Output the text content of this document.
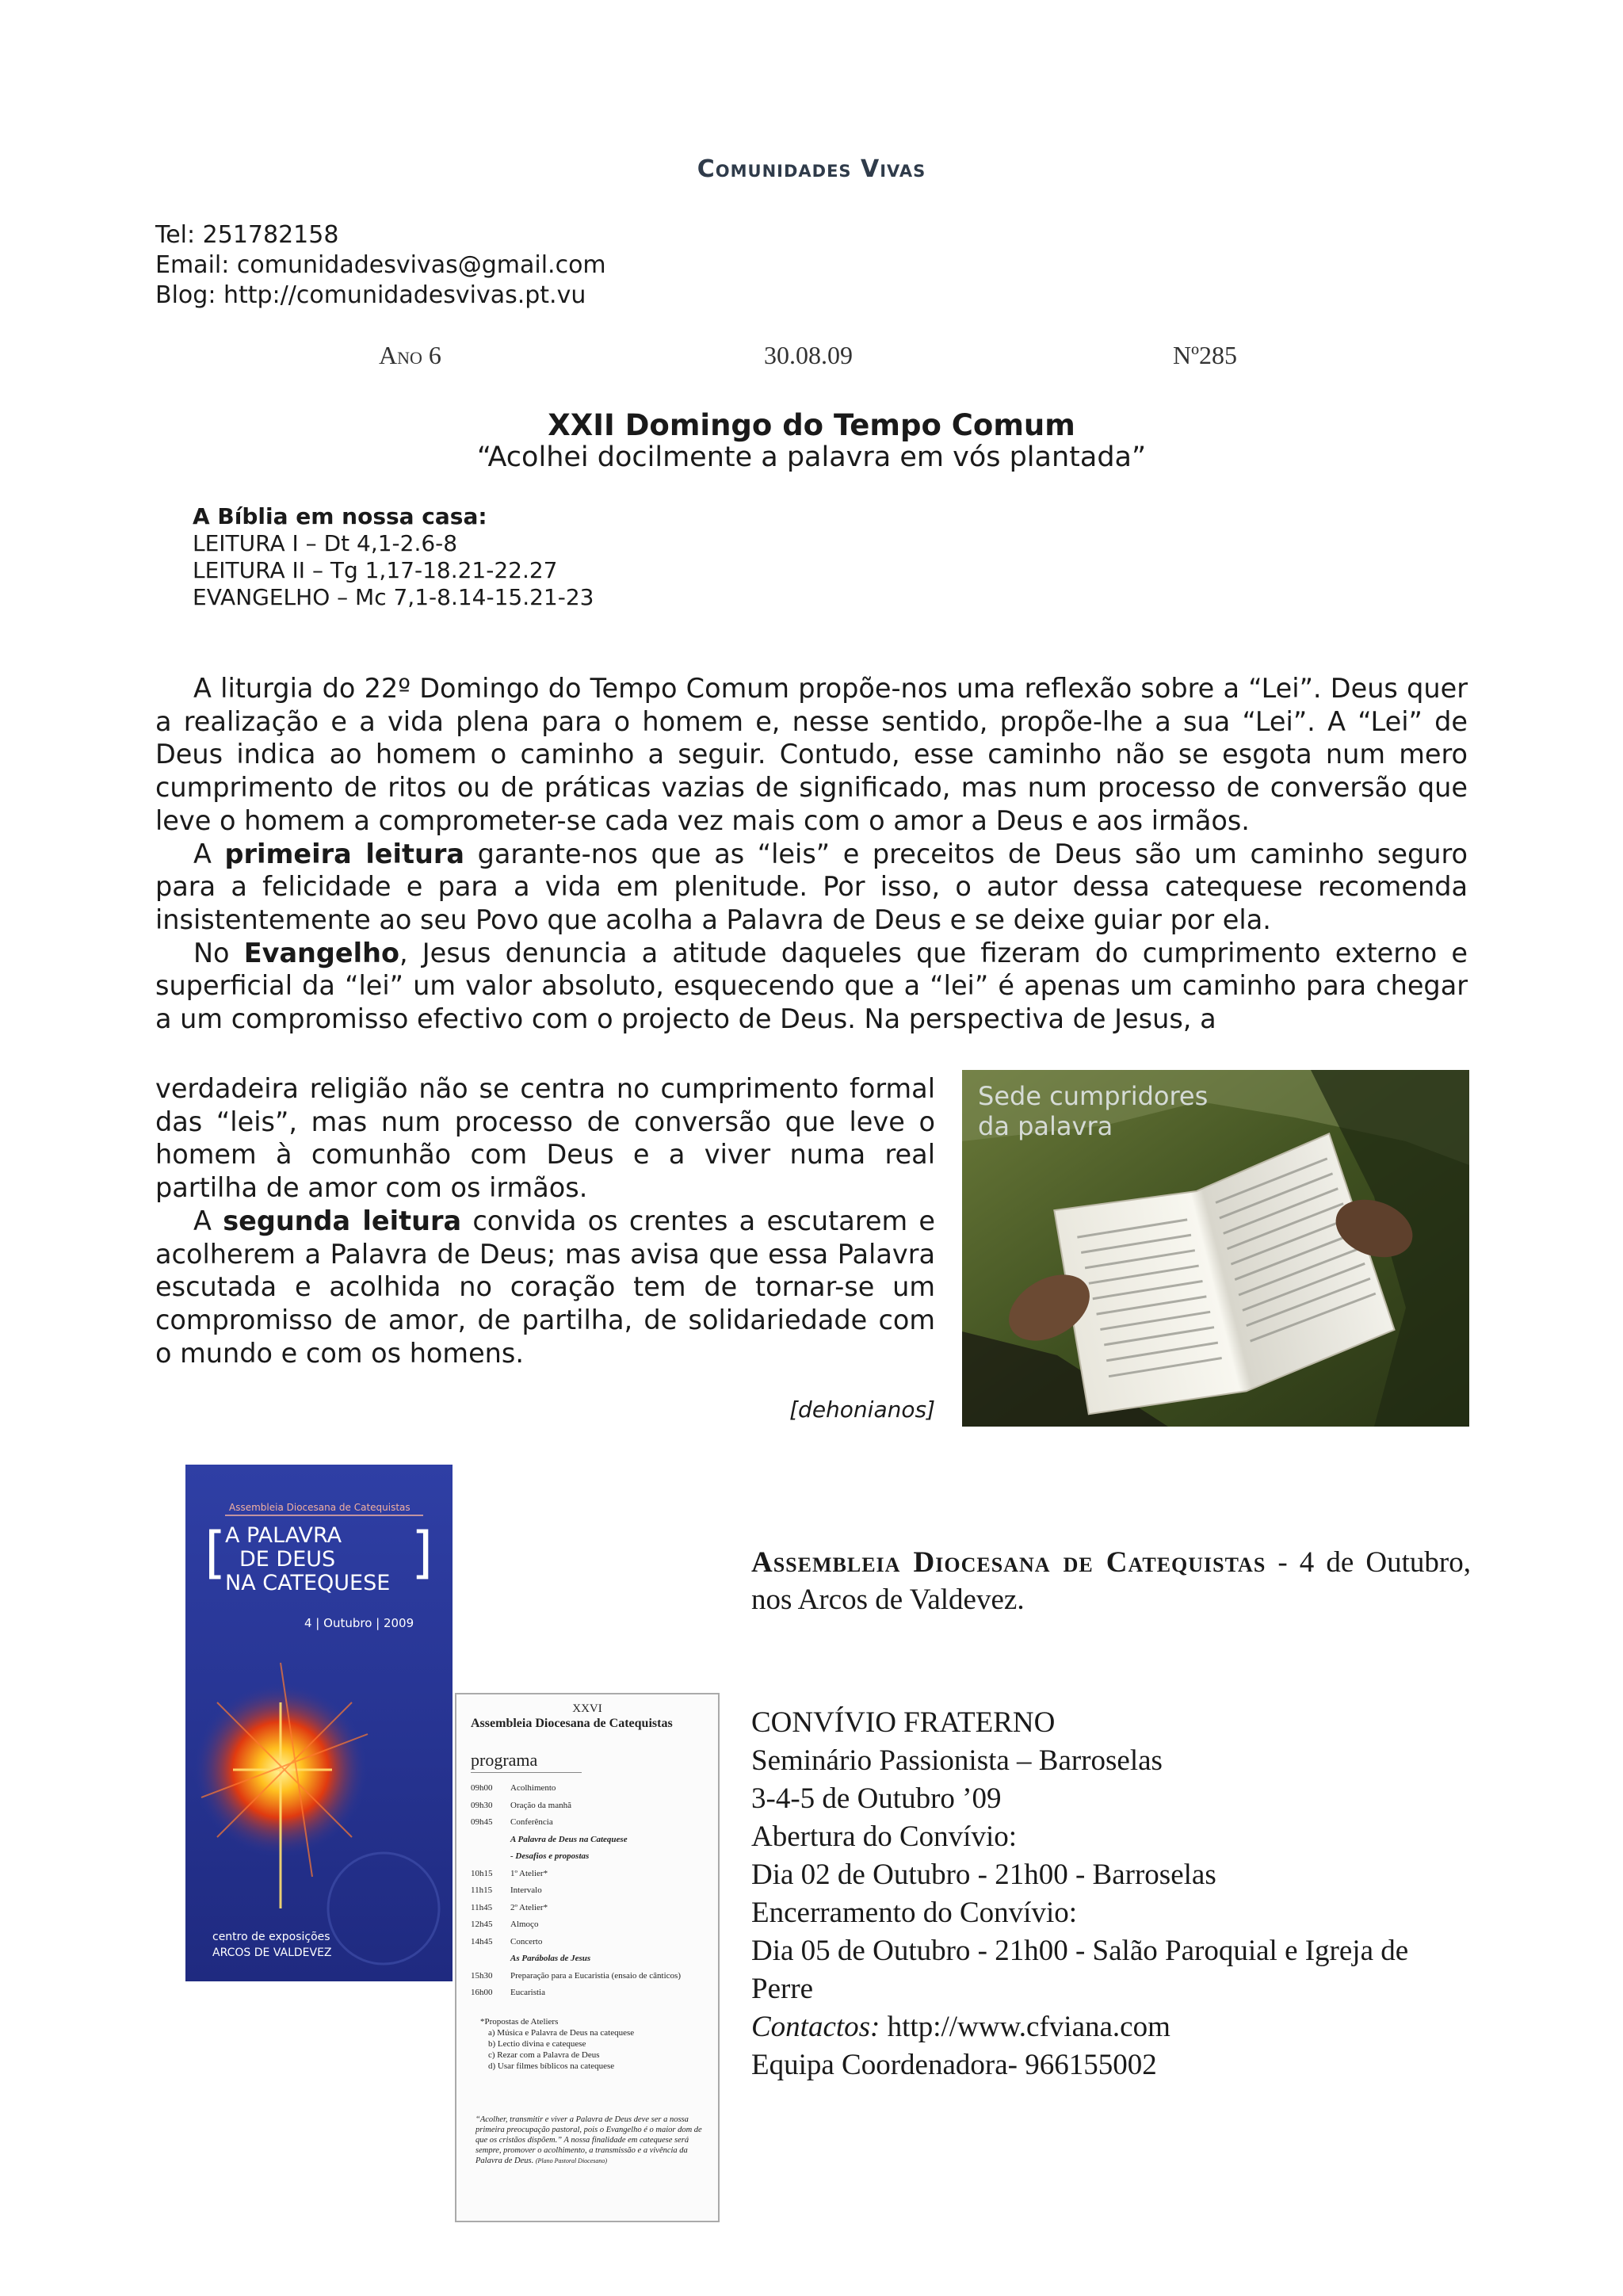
Comunidades Vivas
Tel: 251782158
Email: comunidadesvivas@gmail.com
Blog: http://comunidadesvivas.pt.vu
Ano 6	30.08.09	Nº285
XXII Domingo do Tempo Comum
“Acolhei docilmente a palavra em vós plantada”
A Bíblia em nossa casa:
LEITURA I – Dt 4,1-2.6-8
LEITURA II – Tg 1,17-18.21-22.27
EVANGELHO – Mc 7,1-8.14-15.21-23
A liturgia do 22º Domingo do Tempo Comum propõe-nos uma reflexão sobre a “Lei”. Deus quer a realização e a vida plena para o homem e, nesse sentido, propõe-lhe a sua “Lei”. A “Lei” de Deus indica ao homem o caminho a seguir. Contudo, esse caminho não se esgota num mero cumprimento de ritos ou de práticas vazias de significado, mas num processo de conversão que leve o homem a comprometer-se cada vez mais com o amor a Deus e aos irmãos.
A primeira leitura garante-nos que as “leis” e preceitos de Deus são um caminho seguro para a felicidade e para a vida em plenitude. Por isso, o autor dessa catequese recomenda insistentemente ao seu Povo que acolha a Palavra de Deus e se deixe guiar por ela.
No Evangelho, Jesus denuncia a atitude daqueles que fizeram do cumprimento externo e superficial da “lei” um valor absoluto, esquecendo que a “lei” é apenas um caminho para chegar a um compromisso efectivo com o projecto de Deus. Na perspectiva de Jesus, a
Sede cumpridores
da palavra
verdadeira religião não se centra no cumprimento formal das “leis”, mas num processo de conversão que leve o homem à comunhão com Deus e a viver numa real partilha de amor com os irmãos.
A segunda leitura convida os crentes a escutarem e acolherem a Palavra de Deus; mas avisa que essa Palavra escutada e acolhida no coração tem de tornar-se um compromisso de amor, de partilha, de solidariedade com o mundo e com os homens.
[dehonianos]
Assembleia Diocesana de Catequistas
[	]
A PALAVRA
DE DEUS
NA CATEQUESE
4 | Outubro | 2009
centro de exposições
ARCOS DE VALDEVEZ
XXVI
Assembleia Diocesana de Catequistas
programa
09h00	Acolhimento
09h30	Oração da manhã
09h45	Conferência
A Palavra de Deus na Catequese
- Desafios e propostas
10h15	1º Atelier*
11h15	Intervalo
11h45	2º Atelier*
12h45	Almoço
14h45	Concerto
As Parábolas de Jesus
15h30	Preparação para a Eucaristia (ensaio de cânticos)
16h00	Eucaristia
*Propostas de Ateliers
a) Música e Palavra de Deus na catequese
b) Lectio divina e catequese
c) Rezar com a Palavra de Deus
d) Usar filmes bíblicos na catequese
“Acolher, transmitir e viver a Palavra de Deus deve ser a nossa primeira preocupação pastoral, pois o Evangelho é o maior dom de que os cristãos dispõem.” A nossa finalidade em catequese será sempre, promover o acolhimento, a transmissão e a vivência da Palavra de Deus. (Plano Pastoral Diocesano)
Assembleia Diocesana de Catequistas - 4 de Outubro, nos Arcos de Valdevez.
CONVÍVIO FRATERNO
Seminário Passionista – Barroselas
3-4-5 de Outubro ’09
Abertura do Convívio:
Dia 02 de Outubro - 21h00 - Barroselas
Encerramento do Convívio:
Dia 05 de Outubro - 21h00 - Salão Paroquial e Igreja de Perre
Contactos: http://www.cfviana.com
Equipa Coordenadora- 966155002
